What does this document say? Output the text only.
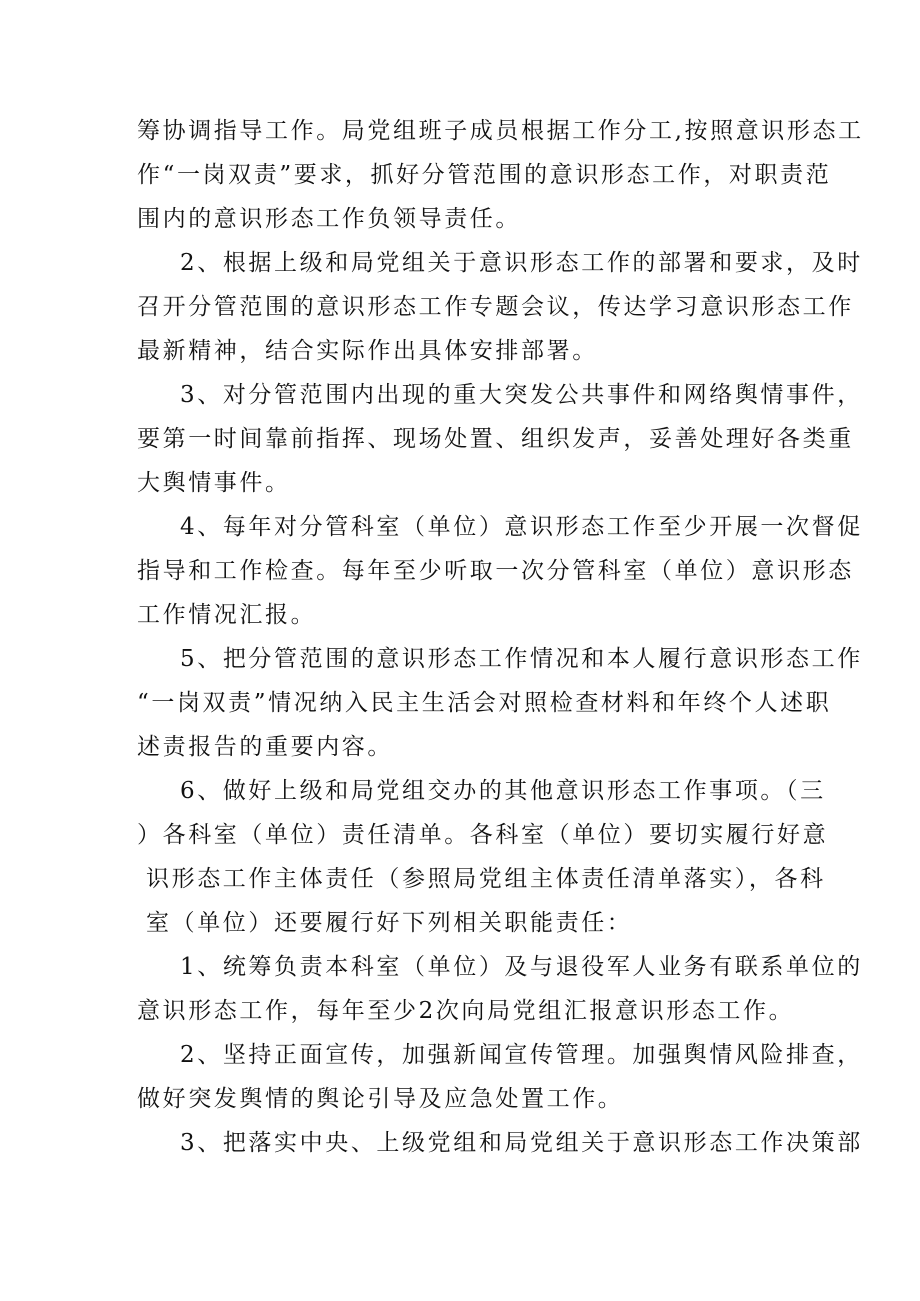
筹协调指导工作。局党组班子成员根据工作分工,按照意识形态工
作“一岗双责”要求，抓好分管范围的意识形态工作，对职责范
围内的意识形态工作负领导责任。
2、根据上级和局党组关于意识形态工作的部署和要求，及时
召开分管范围的意识形态工作专题会议，传达学习意识形态工作
最新精神，结合实际作出具体安排部署。
3、对分管范围内出现的重大突发公共事件和网络舆情事件，
要第一时间靠前指挥、现场处置、组织发声，妥善处理好各类重
大舆情事件。
4、每年对分管科室（单位）意识形态工作至少开展一次督促
指导和工作检查。每年至少听取一次分管科室（单位）意识形态
工作情况汇报。
5、把分管范围的意识形态工作情况和本人履行意识形态工作
“一岗双责”情况纳入民主生活会对照检查材料和年终个人述职
述责报告的重要内容。
6、做好上级和局党组交办的其他意识形态工作事项。（三
）各科室（单位）责任清单。各科室（单位）要切实履行好意
识形态工作主体责任（参照局党组主体责任清单落实），各科
室（单位）还要履行好下列相关职能责任：
1、统筹负责本科室（单位）及与退役军人业务有联系单位的
意识形态工作，每年至少2次向局党组汇报意识形态工作。
2、坚持正面宣传，加强新闻宣传管理。加强舆情风险排查，
做好突发舆情的舆论引导及应急处置工作。
3、把落实中央、上级党组和局党组关于意识形态工作决策部
